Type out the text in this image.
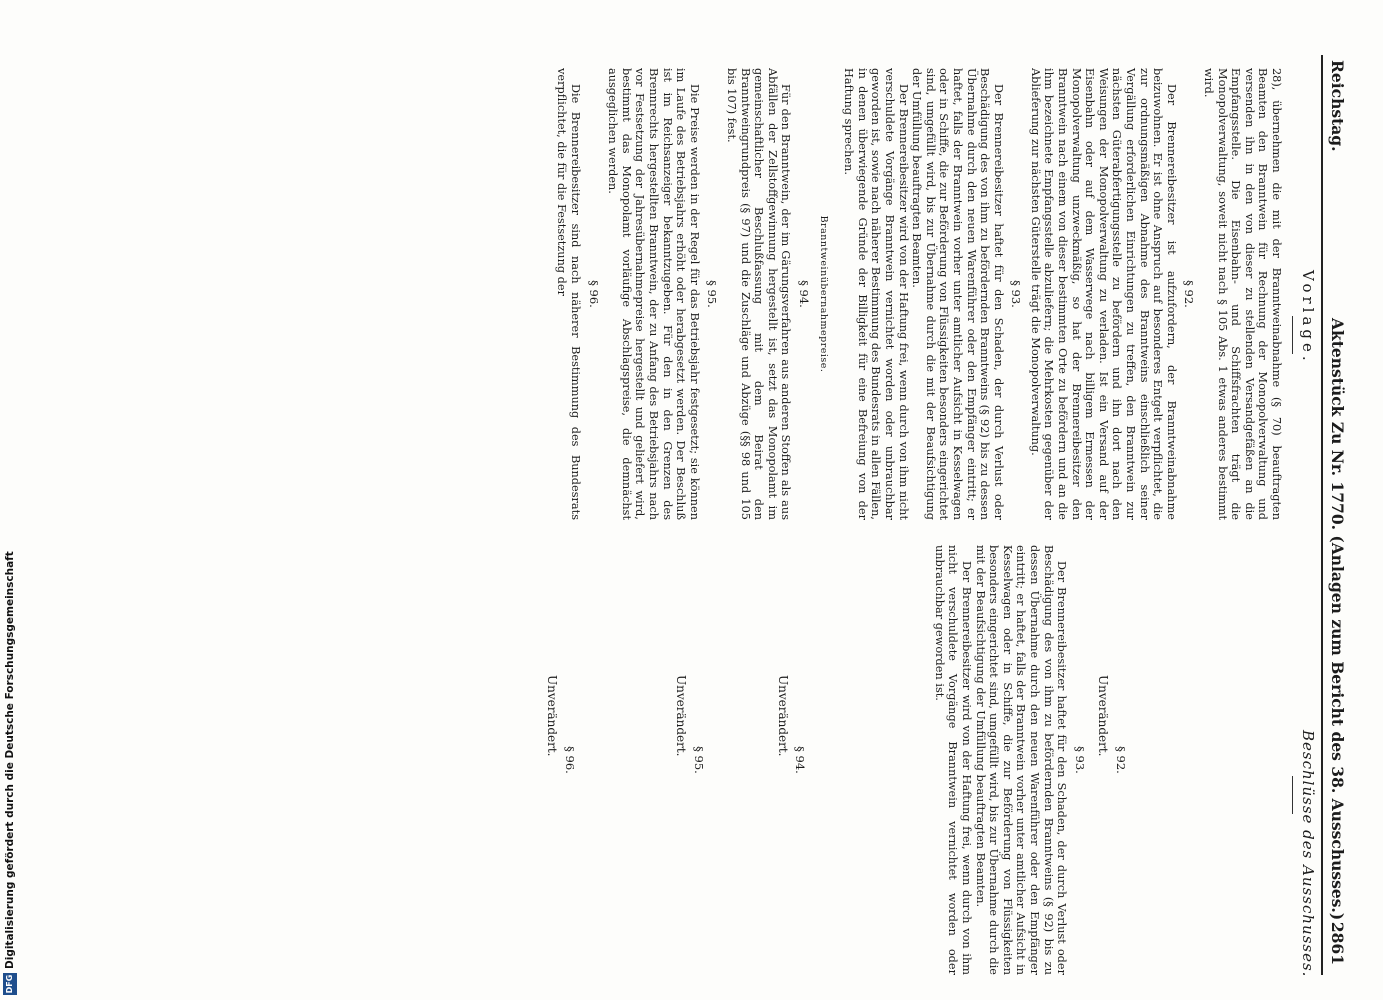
Reichstag.
Aktenstück Zu Nr. 1770. (Anlagen zum Bericht des 38. Ausschusses.)
2861
Vorlage.
Beschlüsse des Ausschusses.

28), übernehmen die mit der Branntweinabnahme (§ 70) beauftragten Beamten den Branntwein für Rechnung der Monopolverwaltung und versenden ihn in den von dieser zu stellenden Versandgefäßen an die Empfangsstelle. Die Eisenbahn- und Schiffsfrachten trägt die Monopolverwaltung, soweit nicht nach § 105 Abs. 1 etwas anderes bestimmt wird.

§ 92.

Der Brennereibesitzer ist aufzufordern, der Branntweinabnahme beizuwohnen. Er ist ohne Anspruch auf besonderes Entgelt verpflichtet, die zur ordnungsmäßigen Abnahme des Branntweins einschließlich seiner Vergällung erforderlichen Einrichtungen zu treffen, den Branntwein zur nächsten Güterabfertigungsstelle zu befördern und ihn dort nach den Weisungen der Monopolverwaltung zu verladen. Ist ein Versand auf der Eisenbahn oder auf dem Wasserwege nach billigem Ermessen der Monopolverwaltung unzweckmäßig, so hat der Brennereibesitzer den Branntwein nach einem von dieser bestimmten Orte zu befördern und an die ihm bezeichnete Empfangsstelle abzuliefern; die Mehrkosten gegenüber der Ablieferung zur nächsten Güterstelle trägt die Monopolverwaltung.

§ 93.

Der Brennereibesitzer haftet für den Schaden, der durch Verlust oder Beschädigung des von ihm zu befördernden Branntweins (§ 92) bis zu dessen Übernahme durch den neuen Warenführer oder den Empfänger eintritt; er haftet, falls der Branntwein vorher unter amtlicher Aufsicht in Kesselwagen oder in Schiffe, die zur Beförderung von Flüssigkeiten besonders eingerichtet sind, umgefüllt wird, bis zur Übernahme durch die mit der Beaufsichtigung der Umfüllung beauftragten Beamten.

Der Brennereibesitzer wird von der Haftung frei, wenn durch von ihm nicht verschuldete Vorgänge Branntwein vernichtet worden oder unbrauchbar geworden ist, sowie nach näherer Bestimmung des Bundesrats in allen Fällen, in denen überwiegende Gründe der Billigkeit für eine Befreiung von der Haftung sprechen.

Branntweinübernahmepreise.
§ 94.

Für den Branntwein, der im Gärungsverfahren aus anderen Stoffen als aus Abfällen der Zellstoffgewinnung hergestellt ist, setzt das Monopolamt im gemeinschaftlicher Beschlußfassung mit dem Beirat den Branntweingrundpreis (§ 97) und die Zuschläge und Abzüge (§§ 98 und 105 bis 107) fest.

§ 95.

Die Preise werden in der Regel für das Betriebsjahr festgesetzt; sie können im Laufe des Betriebsjahrs erhöht oder herabgesetzt werden. Der Beschluß ist im Reichsanzeiger bekanntzugeben. Für den in den Grenzen des Brennrechts hergestellten Branntwein, der zu Anfang des Betriebsjahrs nach vor Festsetzung der Jahresübernahmepreise hergestellt und geliefert wird, bestimmt das Monopolamt vorläufige Abschlagspreise, die demnächst ausgeglichen werden.

§ 96.

Die Brennereibesitzer sind nach näherer Bestimmung des Bundesrats verpflichtet, die für die Festsetzung der

§ 92.

Unverändert.

§ 93.

Der Brennereibesitzer haftet für den Schaden, der durch Verlust oder Beschädigung des von ihm zu befördernden Branntweins (§ 92) bis zu dessen Übernahme durch den neuen Warenführer oder den Empfänger eintritt; er haftet, falls der Branntwein vorher unter amtlicher Aufsicht in Kesselwagen oder in Schiffe, die zur Beförderung von Flüssigkeiten besonders eingerichtet sind, umgefüllt wird, bis zur Übernahme durch die mit der Beaufsichtigung der Umfüllung beauftragten Beamten.

Der Brennereibesitzer wird von der Haftung frei, wenn durch von ihm nicht verschuldete Vorgänge Branntwein vernichtet worden oder unbrauchbar geworden ist.

§ 94.

Unverändert.

§ 95.

Unverändert.

§ 96.

Unverändert.

DFG
Digitalisierung gefördert durch die Deutsche Forschungsgemeinschaft
